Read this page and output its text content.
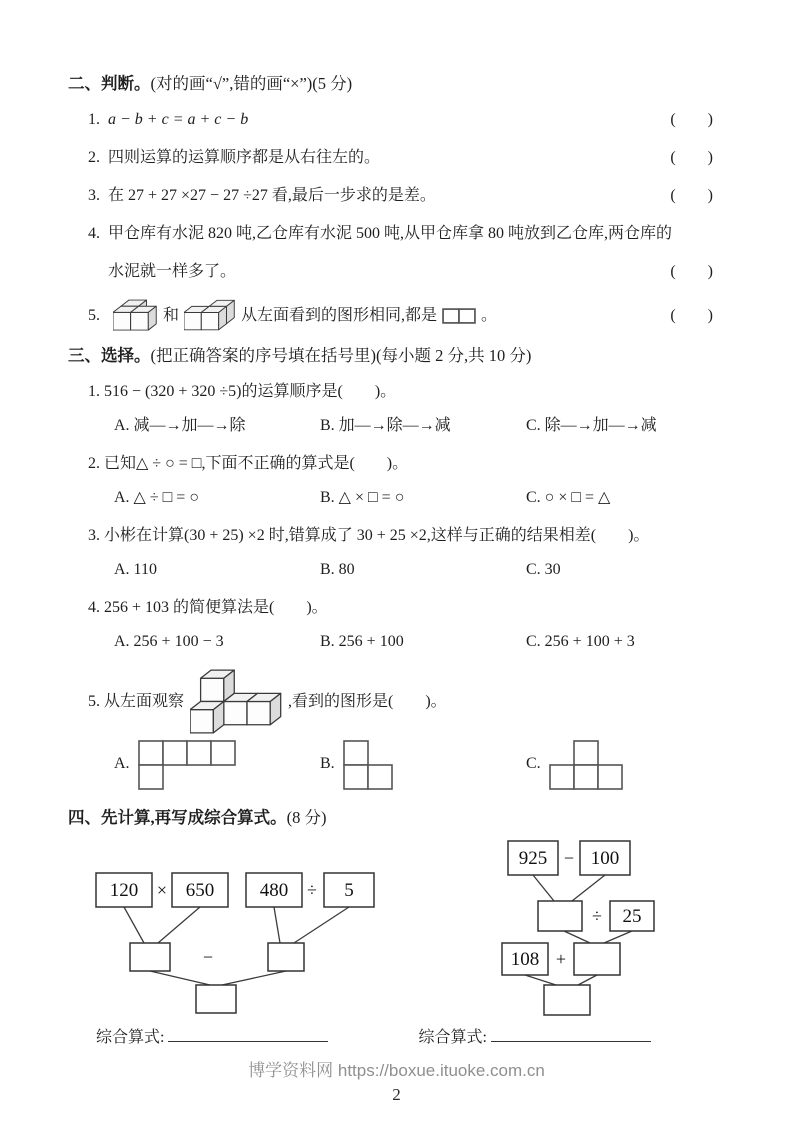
二、判断。(对的画“√”,错的画“×”)(5 分)
1. a − b + c = a + c − b	(　　)
2. 四则运算的运算顺序都是从右往左的。	(　　)
3. 在 27 + 27 ×27 − 27 ÷27 看,最后一步求的是差。	(　　)
4. 甲仓库有水泥 820 吨,乙仓库有水泥 500 吨,从甲仓库拿 80 吨放到乙仓库,两仓库的
水泥就一样多了。	(　　)
5.	和	从左面看到的图形相同,都是	。	(　　)
三、选择。(把正确答案的序号填在括号里)(每小题 2 分,共 10 分)
1. 516 − (320 + 320 ÷5)的运算顺序是(　　)。
A. 减—→加—→除	B. 加—→除—→减	C. 除—→加—→减
2. 已知△ ÷ ○ = □,下面不正确的算式是(　　)。
A. △ ÷ □ = ○	B. △ × □ = ○	C. ○ × □ = △
3. 小彬在计算(30 + 25) ×2 时,错算成了 30 + 25 ×2,这样与正确的结果相差(　　)。
A. 110	B. 80	C. 30
4. 256 + 103 的简便算法是(　　)。
A. 256 + 100 − 3	B. 256 + 100	C. 256 + 100 + 3
5. 从左面观察	,看到的图形是(　　)。
A.	B.	C.
四、先计算,再写成综合算式。(8 分)
120 × 650 480 ÷ 5
−
925 − 100
÷ 25
108 +
综合算式:	综合算式:
博学资料网 https://boxue.ituoke.com.cn
2
